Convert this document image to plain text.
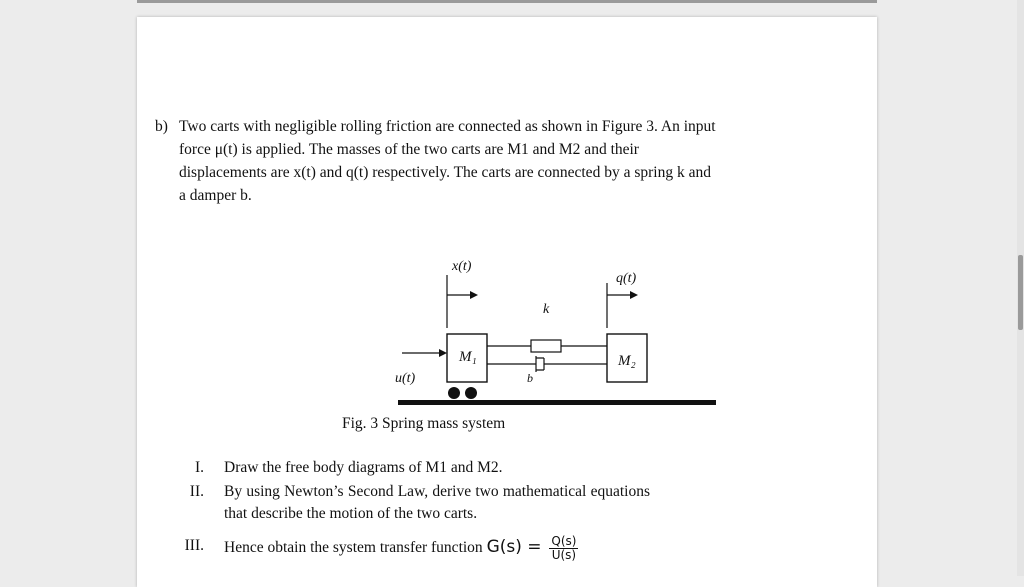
b) Two carts with negligible rolling friction are connected as shown in Figure 3. An input
force μ(t) is applied. The masses of the two carts are M1 and M2 and their
displacements are x(t) and q(t) respectively. The carts are connected by a spring k and
a damper b.
x(t)
q(t)
k
b
M₁	M₂
u(t)
Fig. 3 Spring mass system
I. Draw the free body diagrams of M1 and M2.
II. By using Newton’s Second Law, derive two mathematical equations that describe the motion of the two carts.
III. Hence obtain the system transfer function $G(s) = \frac{Q(s)}{U(s)}$
